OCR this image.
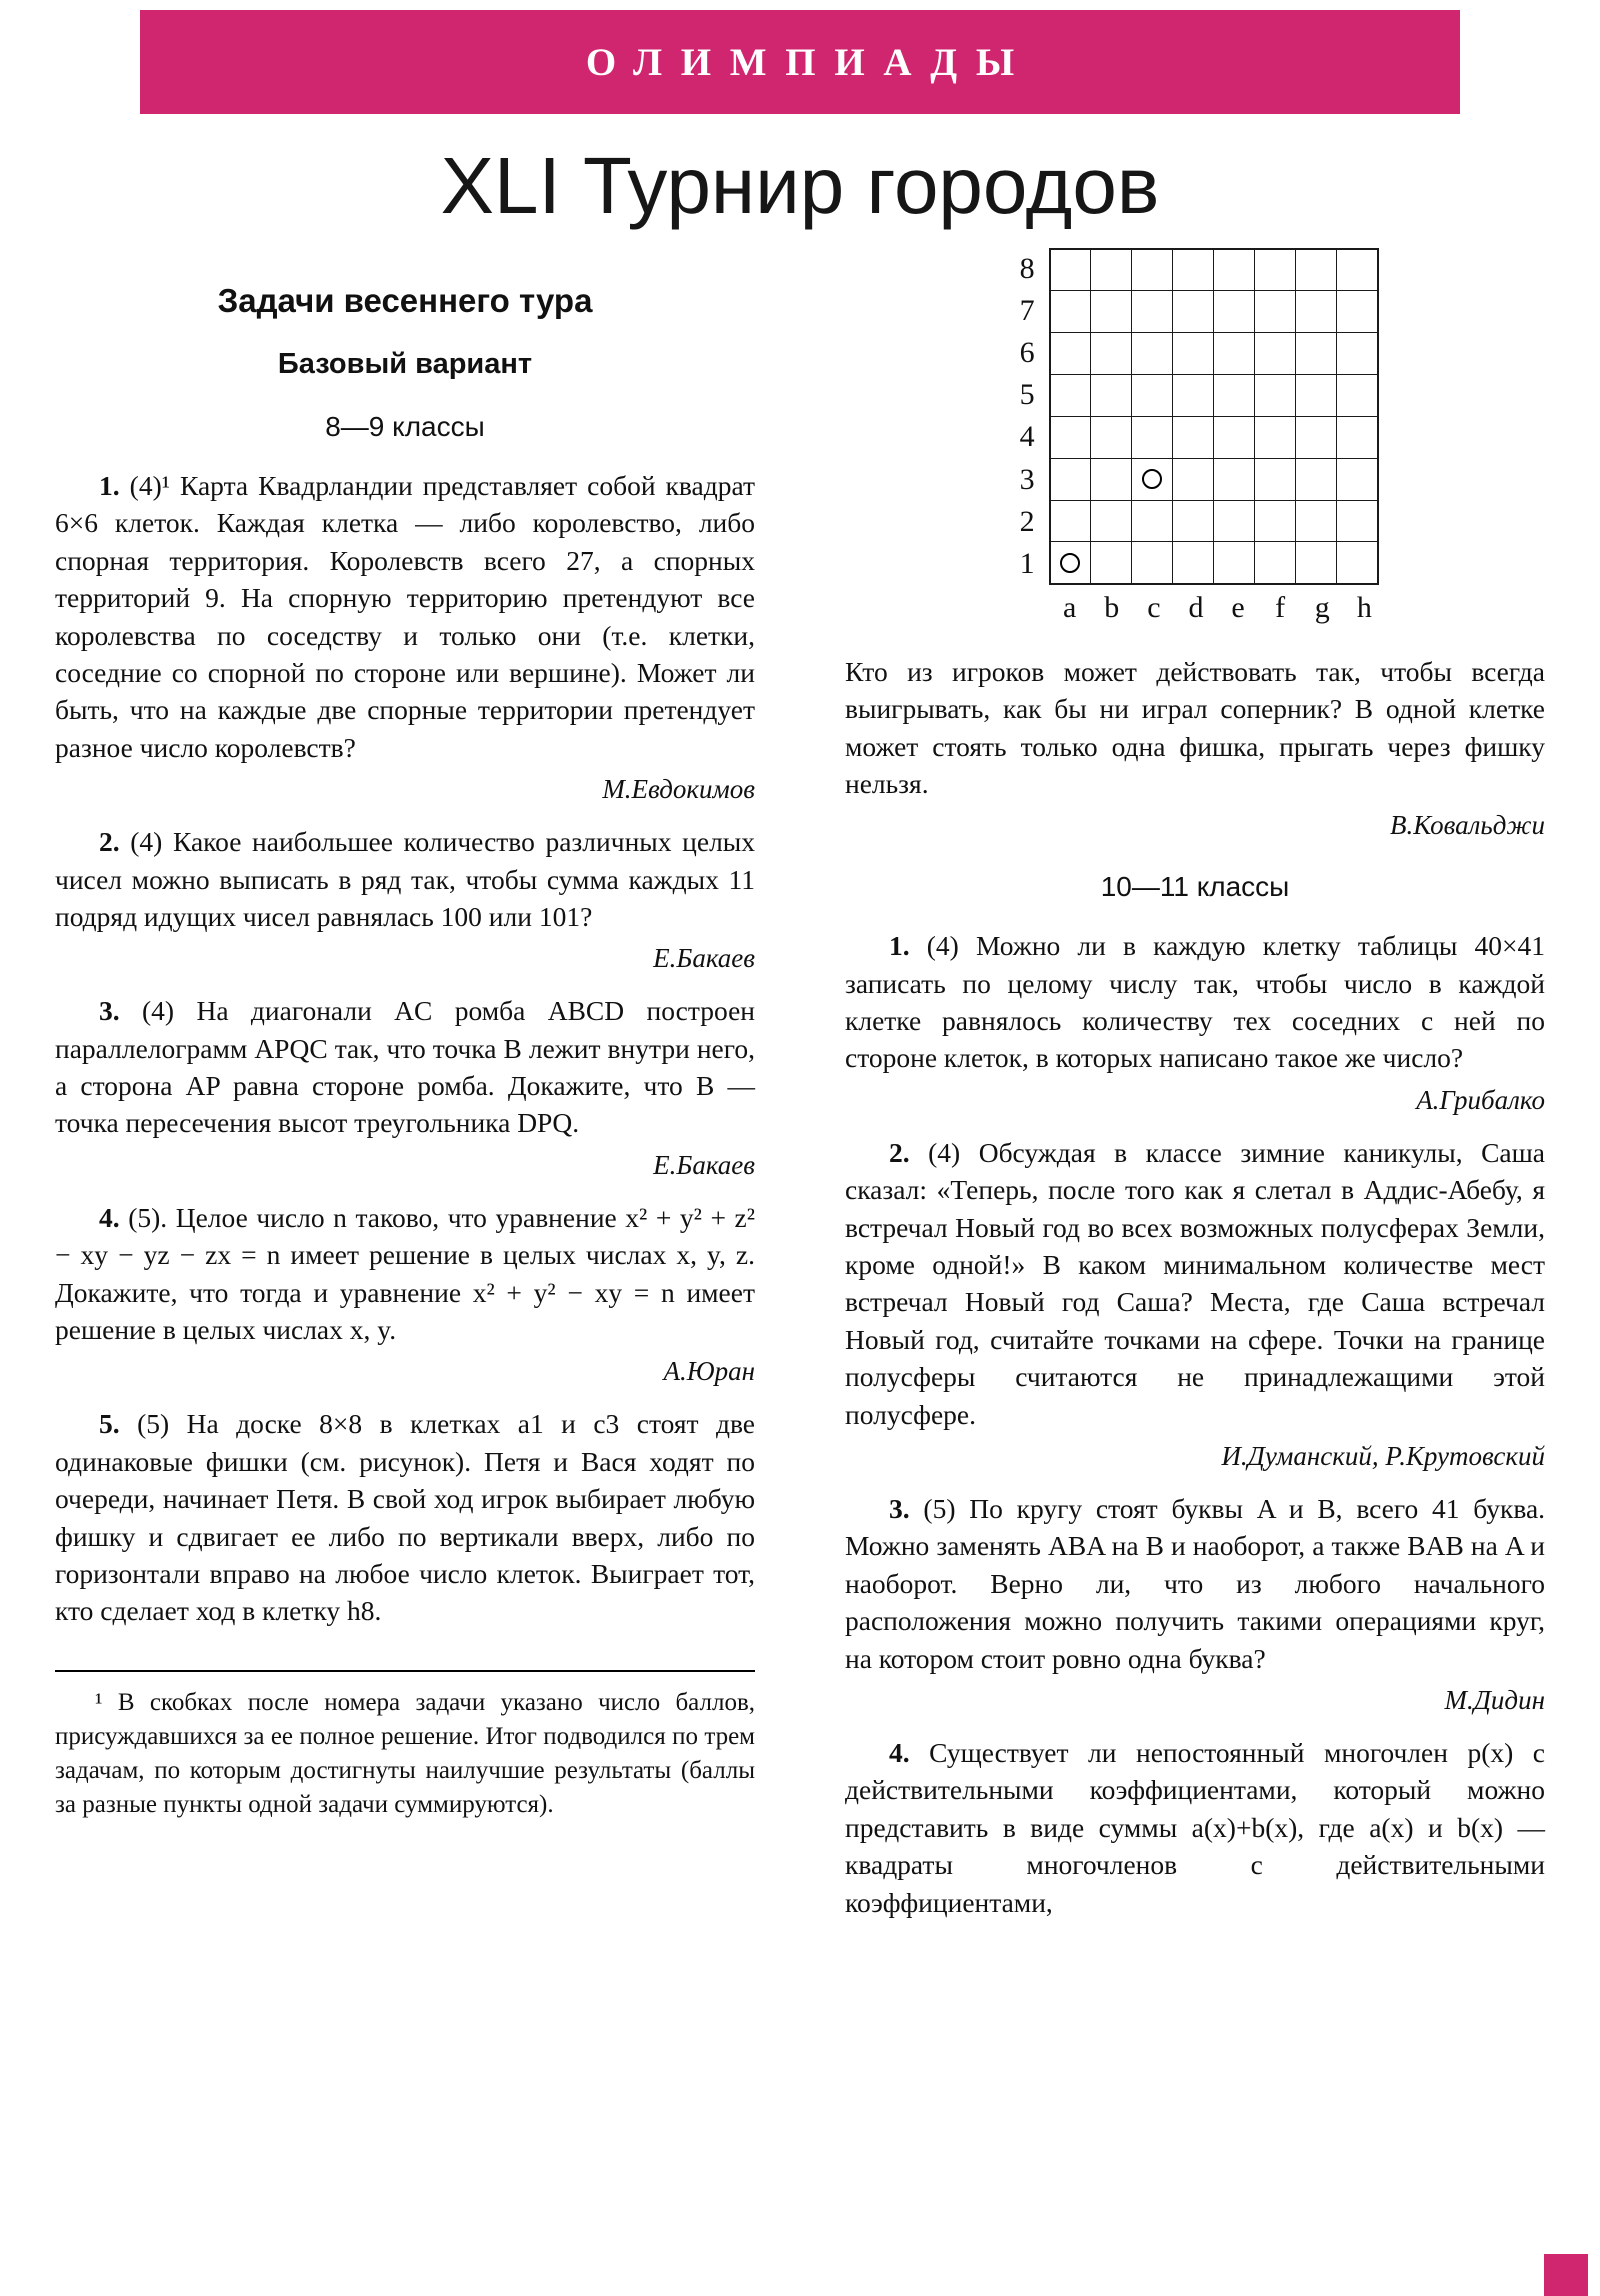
ОЛИМПИАДЫ
XLI Турнир городов
Задачи весеннего тура
Базовый вариант
8—9 классы

1. (4)¹ Карта Квадрландии представляет собой квадрат 6×6 клеток. Каждая клетка — либо королевство, либо спорная территория. Королевств всего 27, а спорных территорий 9. На спорную территорию претендуют все королевства по соседству и только они (т.е. клетки, соседние со спорной по стороне или вершине). Может ли быть, что на каждые две спорные территории претендует разное число королевств?

М.Евдокимов

2. (4) Какое наибольшее количество различных целых чисел можно выписать в ряд так, чтобы сумма каждых 11 подряд идущих чисел равнялась 100 или 101?

Е.Бакаев

3. (4) На диагонали AC ромба ABCD построен параллелограмм APQC так, что точка B лежит внутри него, а сторона AP равна стороне ромба. Докажите, что B — точка пересечения высот треугольника DPQ.

Е.Бакаев

4. (5). Целое число n таково, что уравнение x² + y² + z² − xy − yz − zx = n имеет решение в целых числах x, y, z. Докажите, что тогда и уравнение x² + y² − xy = n имеет решение в целых числах x, y.

А.Юран

5. (5) На доске 8×8 в клетках a1 и c3 стоят две одинаковые фишки (см. рисунок). Петя и Вася ходят по очереди, начинает Петя. В свой ход игрок выбирает любую фишку и сдвигает ее либо по вертикали вверх, либо по горизонтали вправо на любое число клеток. Выиграет тот, кто сделает ход в клетку h8.

¹ В скобках после номера задачи указано число баллов, присуждавшихся за ее полное решение. Итог подводился по трем задачам, по которым достигнуты наилучшие результаты (баллы за разные пункты одной задачи суммируются).

8
7
6
5
4
3
2
1

a b c d e	f g h

Кто из игроков может действовать так, чтобы всегда выигрывать, как бы ни играл соперник? В одной клетке может стоять только одна фишка, прыгать через фишку нельзя.

В.Ковальджи

10—11 классы

1. (4) Можно ли в каждую клетку таблицы 40×41 записать по целому числу так, чтобы число в каждой клетке равнялось количеству тех соседних с ней по стороне клеток, в которых написано такое же число?

А.Грибалко

2. (4) Обсуждая в классе зимние каникулы, Саша сказал: «Теперь, после того как я слетал в Аддис-Абебу, я встречал Новый год во всех возможных полусферах Земли, кроме одной!» В каком минимальном количестве мест встречал Новый год Саша? Места, где Саша встречал Новый год, считайте точками на сфере. Точки на границе полусферы считаются не принадлежащими этой полусфере.

И.Думанский, Р.Крутовский

3. (5) По кругу стоят буквы A и B, всего 41 буква. Можно заменять ABA на B и наоборот, а также BAB на A и наоборот. Верно ли, что из любого начального расположения можно получить такими операциями круг, на котором стоит ровно одна буква?

М.Дидин

4. Существует ли непостоянный многочлен p(x) с действительными коэффициентами, который можно представить в виде суммы a(x)+b(x), где a(x) и b(x) — квадраты многочленов с действительными коэффициентами,
